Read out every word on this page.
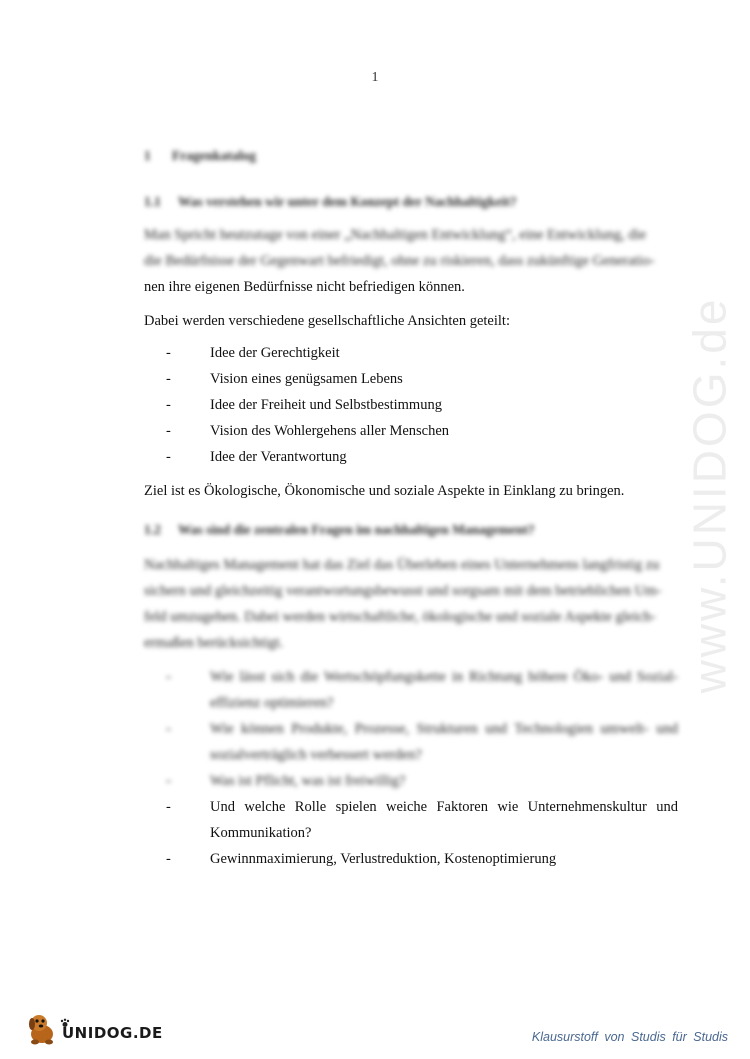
1
www.UNIDOG.de
1 Fragenkatalog
1.1 Was verstehen wir unter dem Konzept der Nachhaltigkeit?
Man Spricht heutzutage von einer „Nachhaltigen Entwicklung“, eine Entwicklung, die
die Bedürfnisse der Gegenwart befriedigt, ohne zu riskieren, dass zukünftige Generatio-
nen ihre eigenen Bedürfnisse nicht befriedigen können.
Dabei werden verschiedene gesellschaftliche Ansichten geteilt:
-	Idee der Gerechtigkeit
-	Vision eines genügsamen Lebens
-	Idee der Freiheit und Selbstbestimmung
-	Vision des Wohlergehens aller Menschen
-	Idee der Verantwortung
Ziel ist es Ökologische, Ökonomische und soziale Aspekte in Einklang zu bringen.
1.2 Was sind die zentralen Fragen im nachhaltigen Management?
Nachhaltiges Management hat das Ziel das Überleben eines Unternehmens langfristig zu
sichern und gleichzeitig verantwortungsbewusst und sorgsam mit dem betrieblichen Um-
feld umzugehen. Dabei werden wirtschaftliche, ökologische und soziale Aspekte gleich-
ermaßen berücksichtigt.
-	Wie lässt sich die Wertschöpfungskette in Richtung höhere Öko- und Sozial-effizienz optimieren?
-	Wie können Produkte, Prozesse, Strukturen und Technologien umwelt- und sozialverträglich verbessert werden?
-	Was ist Pflicht, was ist freiwillig?
-	Und welche Rolle spielen weiche Faktoren wie Unternehmenskultur und Kommunikation?
-	Gewinnmaximierung, Verlustreduktion, Kostenoptimierung
UNIDOG.DE	Klausurstoff von Studis für Studis
